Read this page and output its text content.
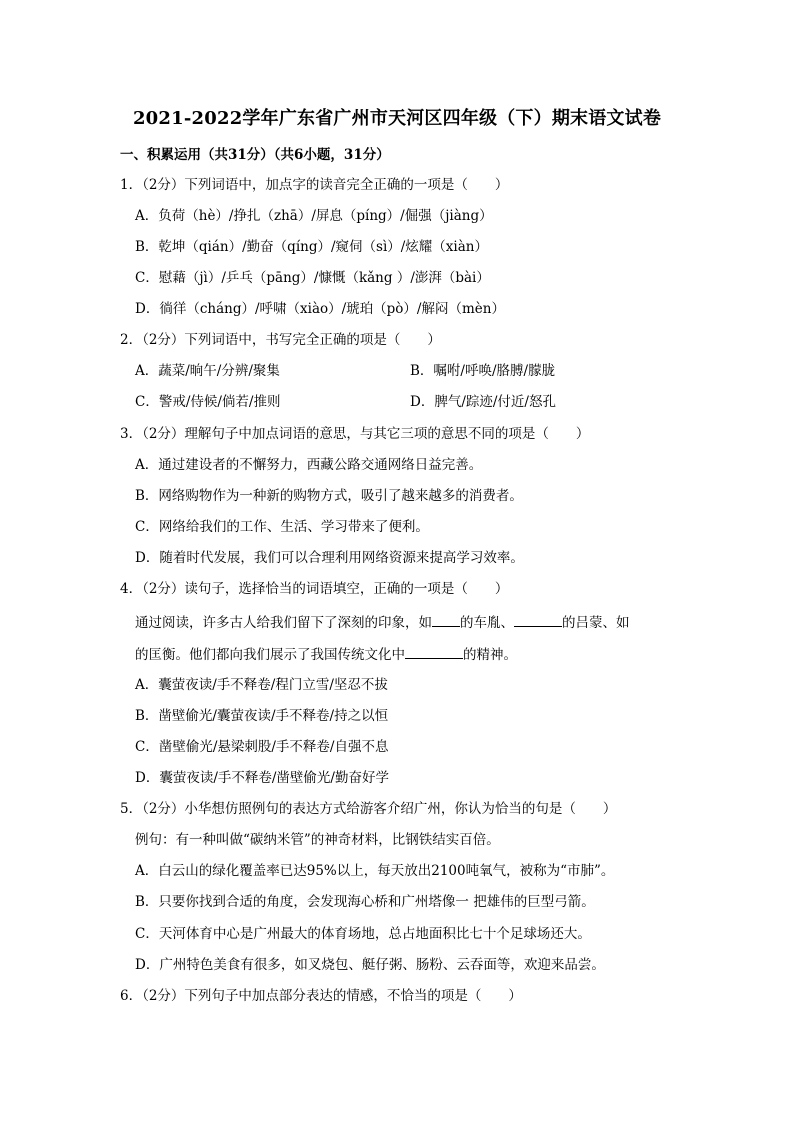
2021-2022学年广东省广州市天河区四年级（下）期末语文试卷
一、积累运用（共31分）（共6小题，31分）
1．（2分）下列词语中，加点字的读音完全正确的一项是（　　）
A．负荷（hè）/挣扎（zhā）/屏息（píng）/倔强（jiàng）
B．乾坤（qián）/勤奋（qíng）/窥伺（sì）/炫耀（xiàn）
C．慰藉（jì）/乒乓（pāng）/慷慨（kǎng ）/澎湃（bài）
D．徜徉（cháng）/呼啸（xiào）/琥珀（pò）/解闷（mèn）
2．（2分）下列词语中，书写完全正确的项是（　　）
A．蔬菜/晌午/分辨/聚集	B．嘱咐/呼唤/胳膊/朦胧
C．警戒/侍候/倘若/推则	D．脾气/踪迹/付近/怒孔
3．（2分）理解句子中加点词语的意思，与其它三项的意思不同的项是（　　）
A．通过建设者的不懈努力，西藏公路交通网络日益完善。
B．网络购物作为一种新的购物方式，吸引了越来越多的消费者。
C．网络给我们的工作、生活、学习带来了便利。
D．随着时代发展，我们可以合理利用网络资源来提高学习效率。
4．（2分）读句子，选择恰当的词语填空，正确的一项是（　　）
通过阅读，许多古人给我们留下了深刻的印象，如 的车胤、	的吕蒙、如
的匡衡。他们都向我们展示了我国传统文化中	的精神。
A．囊萤夜读/手不释卷/程门立雪/坚忍不拔
B．凿壁偷光/囊萤夜读/手不释卷/持之以恒
C．凿壁偷光/悬梁刺股/手不释卷/自强不息
D．囊萤夜读/手不释卷/凿壁偷光/勤奋好学
5．（2分）小华想仿照例句的表达方式给游客介绍广州，你认为恰当的句是（　　）
例句：有一种叫做“碳纳米管”的神奇材料，比钢铁结实百倍。
A．白云山的绿化覆盖率已达95%以上，每天放出2100吨氧气，被称为“市肺”。
B．只要你找到合适的角度，会发现海心桥和广州塔像一 把雄伟的巨型弓箭。
C．天河体育中心是广州最大的体育场地，总占地面积比七十个足球场还大。
D．广州特色美食有很多，如叉烧包、艇仔粥、肠粉、云吞面等，欢迎来品尝。
6．（2分）下列句子中加点部分表达的情感，不恰当的项是（　　）
